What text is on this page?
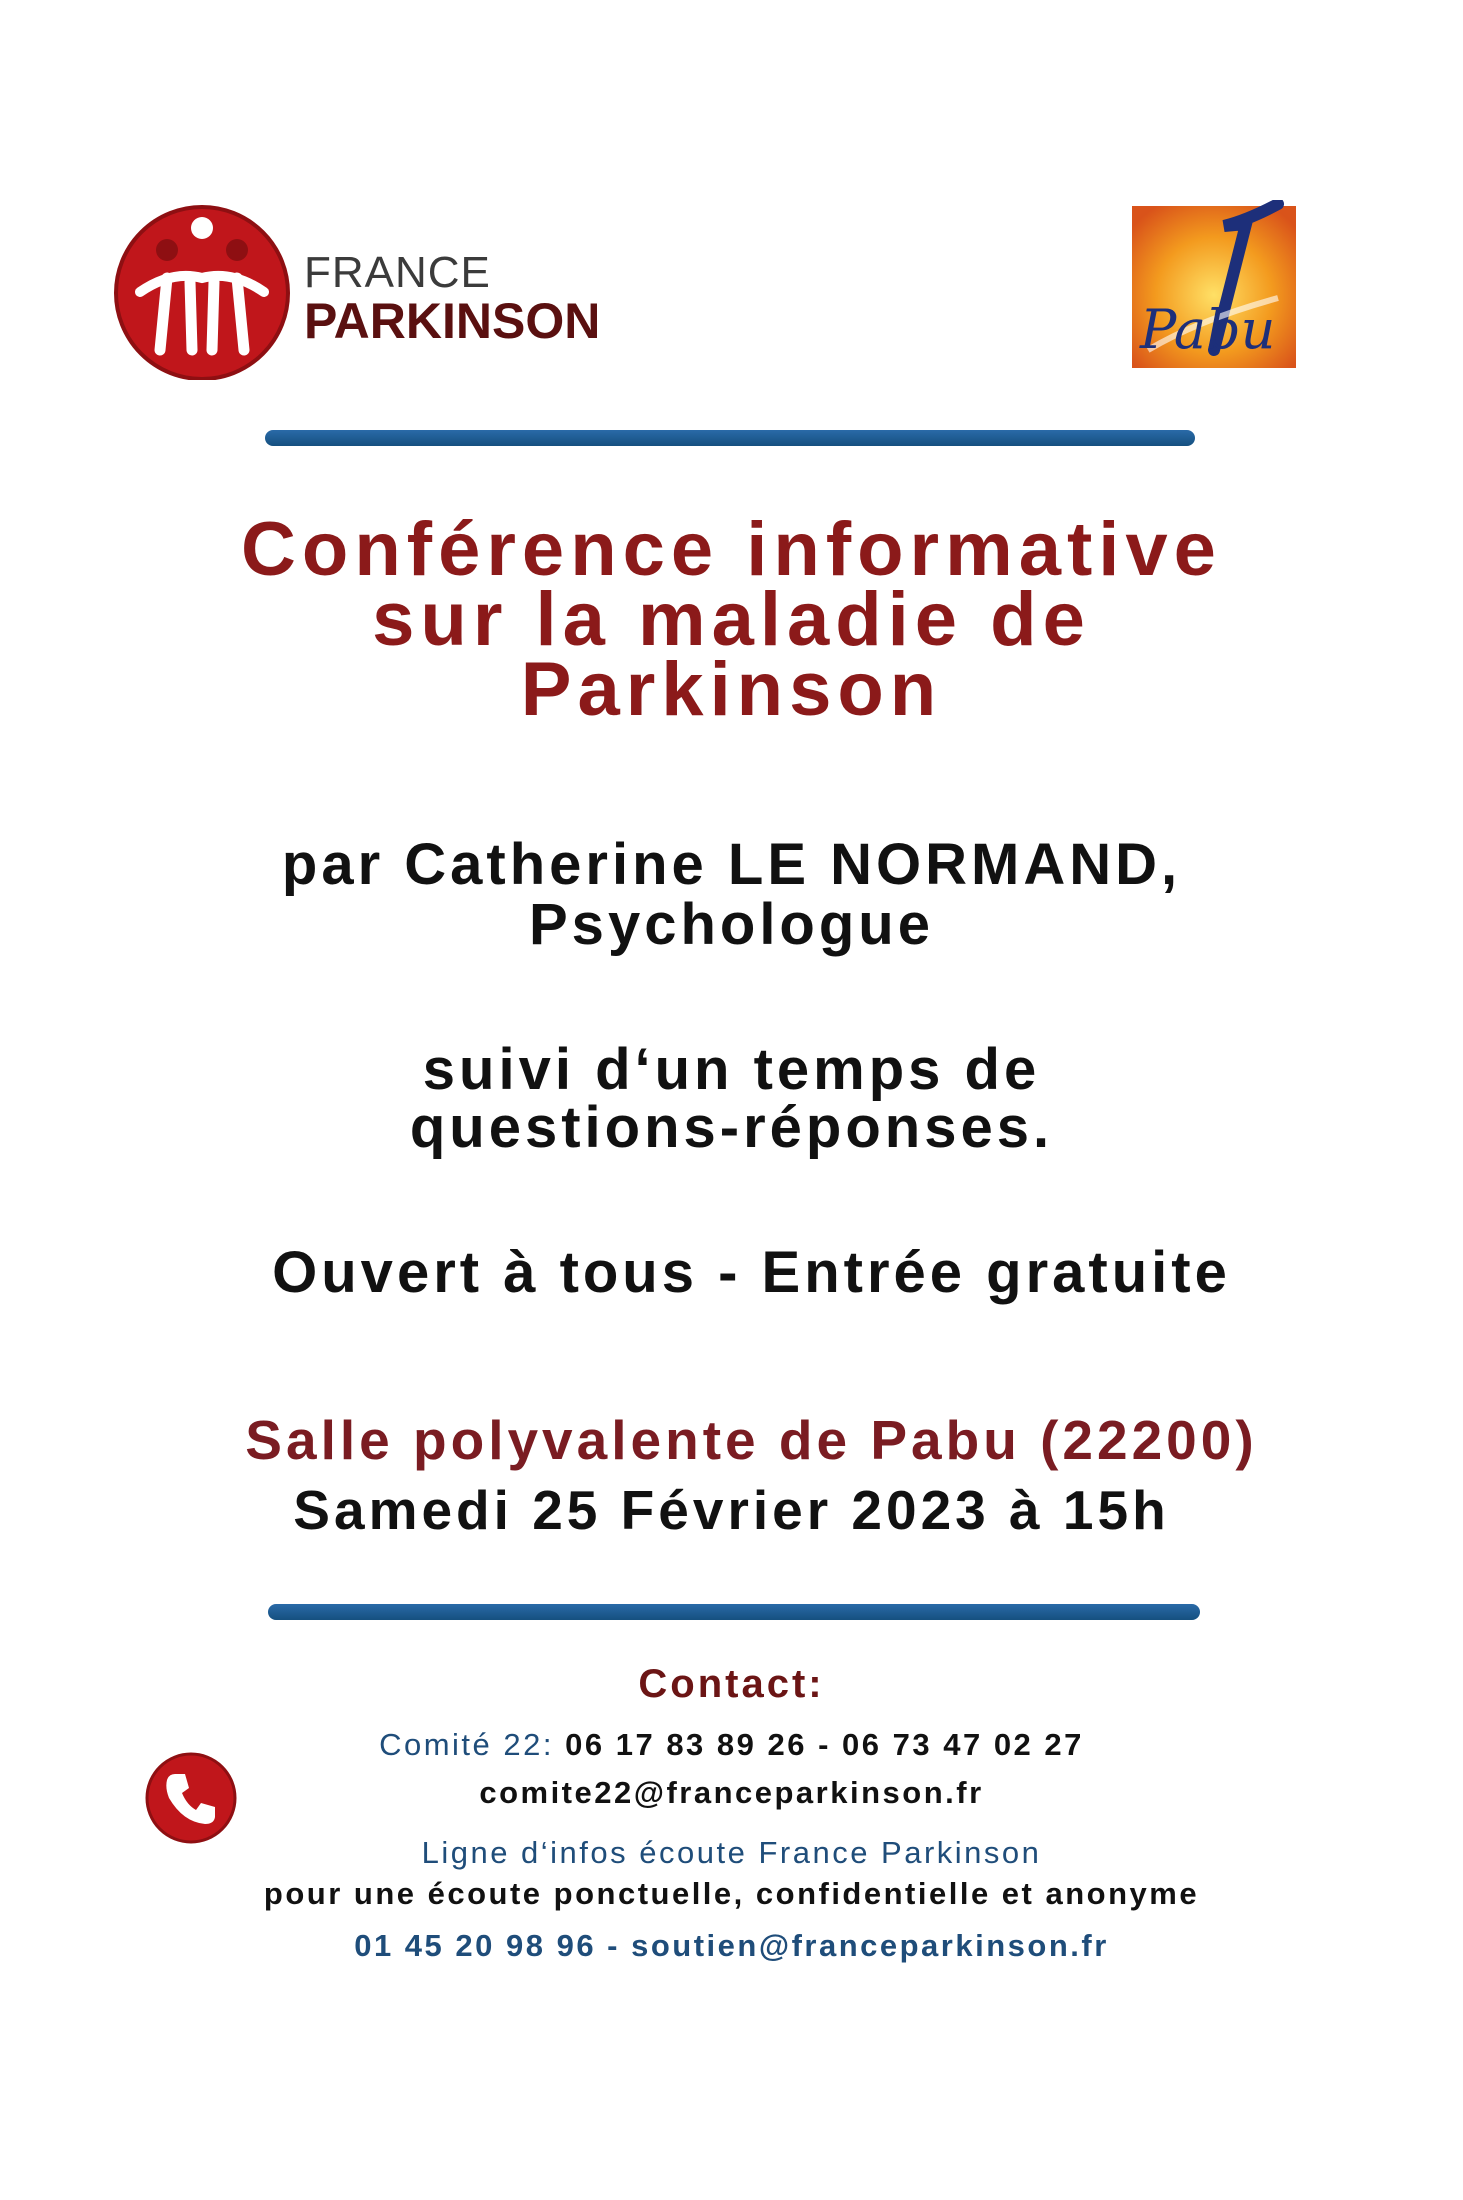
FRANCE
PARKINSON	Pabu
Conférence informative
sur la maladie de
Parkinson
par Catherine LE NORMAND,
Psychologue
suivi d‘un temps de
questions-réponses.
Ouvert à tous - Entrée gratuite
Salle polyvalente de Pabu (22200)
Samedi 25 Février 2023 à 15h
Contact:
Comité 22: 06 17 83 89 26 - 06 73 47 02 27
comite22@franceparkinson.fr
Ligne d‘infos écoute France Parkinson
pour une écoute ponctuelle, confidentielle et anonyme
01 45 20 98 96 - soutien@franceparkinson.fr
